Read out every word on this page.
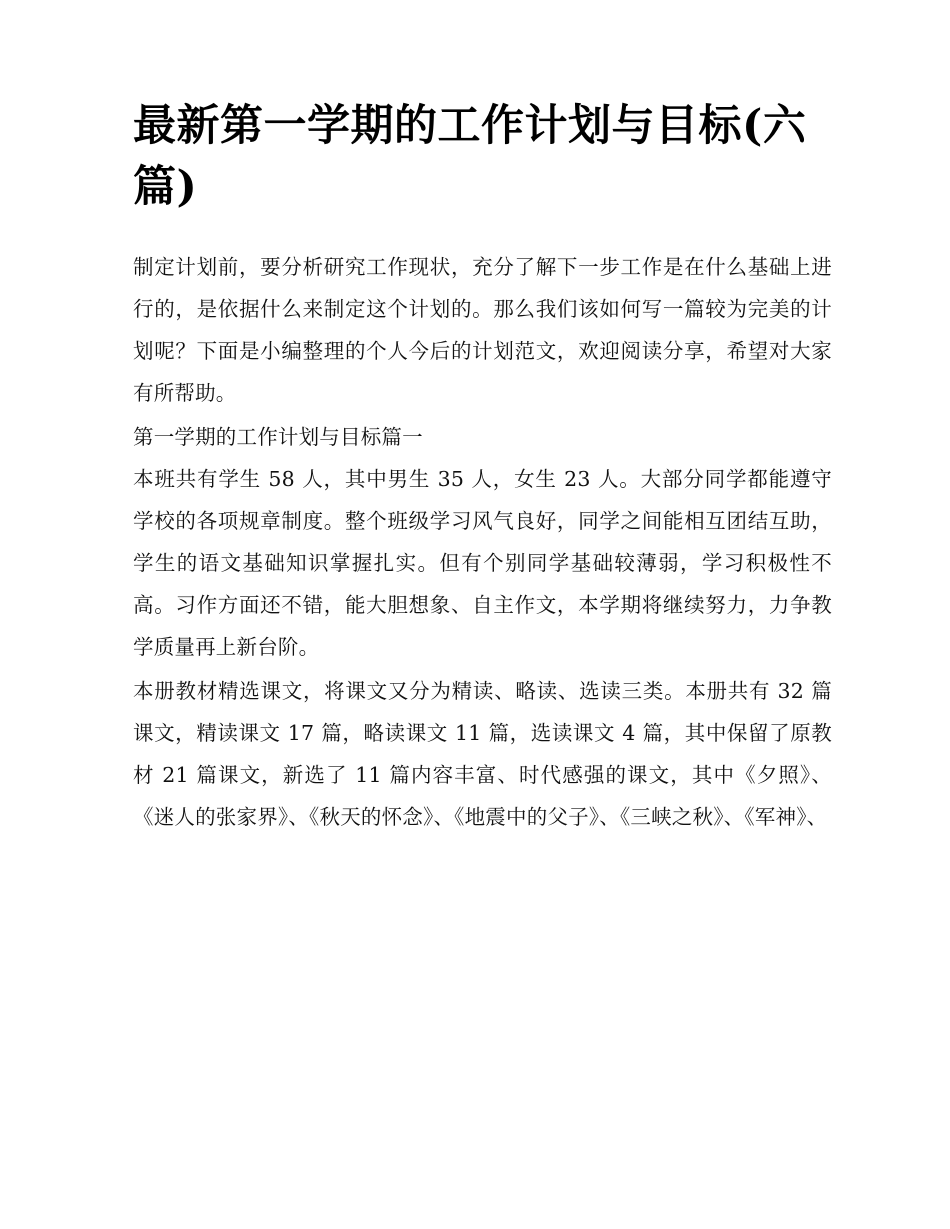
最新第一学期的工作计划与目标(六篇)

制定计划前，要分析研究工作现状，充分了解下一步工作是在什么基础上进行的，是依据什么来制定这个计划的。那么我们该如何写一篇较为完美的计划呢？下面是小编整理的个人今后的计划范文，欢迎阅读分享，希望对大家有所帮助。

第一学期的工作计划与目标篇一

本班共有学生 58 人，其中男生 35 人，女生 23 人。大部分同学都能遵守学校的各项规章制度。整个班级学习风气良好，同学之间能相互团结互助，学生的语文基础知识掌握扎实。但有个别同学基础较薄弱，学习积极性不高。习作方面还不错，能大胆想象、自主作文，本学期将继续努力，力争教学质量再上新台阶。

本册教材精选课文，将课文又分为精读、略读、选读三类。本册共有 32 篇课文，精读课文 17 篇，略读课文 11 篇，选读课文 4 篇，其中保留了原教材 21 篇课文，新选了 11 篇内容丰富、时代感强的课文，其中《夕照》、《迷人的张家界》、《秋天的怀念》、《地震中的父子》、《三峡之秋》、《军神》、
